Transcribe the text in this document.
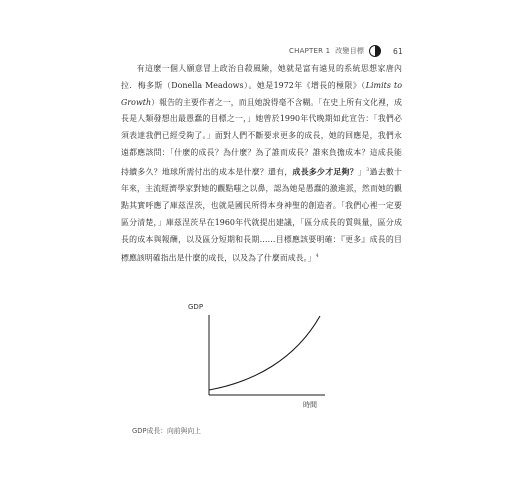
CHAPTER 1 改變目標	61

有這麼一個人願意冒上政治自殺風險，她就是富有遠見的系統思想家唐內拉．梅多斯（Donella Meadows）。她是1972年《增長的極限》（Limits to Growth）報告的主要作者之一，而且她說得毫不含糊。「在史上所有文化裡，成長是人類發想出最愚蠢的目標之一，」她曾於1990年代晚期如此宣告：「我們必須表達我們已經受夠了。」面對人們不斷要求更多的成長，她的回應是，我們永遠都應該問：「什麼的成長？為什麼？為了誰而成長？誰來負擔成本？這成長能持續多久？地球所需付出的成本是什麼？還有，成長多少才足夠？」$^3$過去數十年來，主流經濟學家對她的觀點嗤之以鼻，認為她是愚蠢的激進派，然而她的觀點其實呼應了庫茲涅茨，也就是國民所得本身神聖的創造者。「我們心裡一定要區分清楚，」庫茲涅茨早在1960年代就提出建議，「區分成長的質與量，區分成長的成本與報酬，以及區分短期和長期……目標應該要明確：『更多』成長的目標應該明確指出是什麼的成長，以及為了什麼而成長。」$^4$

GDP
時間
GDP成長：向前與向上
